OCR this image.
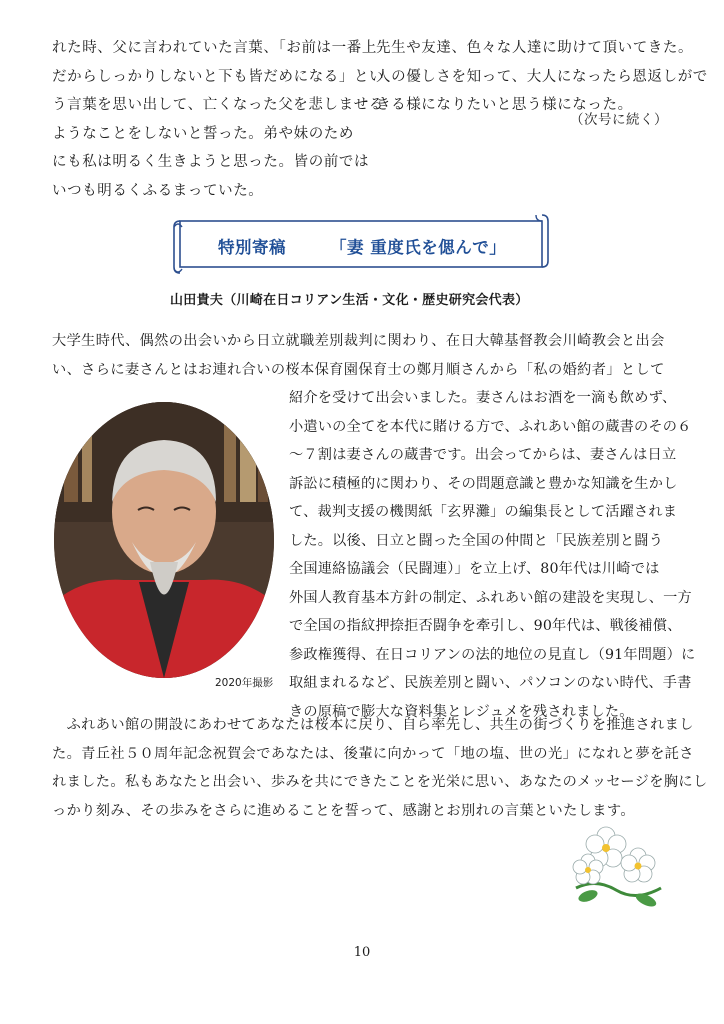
れた時、父に言われていた言葉、「お前は一番上

だからしっかりしないと下も皆だめになる」とい

う言葉を思い出して、亡くなった父を悲しませる

ようなことをしないと誓った。弟や妹のため

にも私は明るく生きようと思った。皆の前では

いつも明るくふるまっていた。

先生や友達、色々な人達に助けて頂いてきた。

人の優しさを知って、大人になったら恩返しがで

きる様になりたいと思う様になった。

（次号に続く）
特別寄稿	「妻 重度氏を偲んで」
山田貴夫（川崎在日コリアン生活・文化・歴史研究会代表）

大学生時代、偶然の出会いから日立就職差別裁判に関わり、在日大韓基督教会川崎教会と出会

い、さらに妻さんとはお連れ合いの桜本保育園保育士の鄭月順さんから「私の婚約者」として

紹介を受けて出会いました。妻さんはお酒を一滴も飲めず、

小遣いの全てを本代に賭ける方で、ふれあい館の蔵書のその６

～７割は妻さんの蔵書です。出会ってからは、妻さんは日立

訴訟に積極的に関わり、その問題意識と豊かな知識を生かし

て、裁判支援の機関紙「玄界灘」の編集長として活躍されま

した。以後、日立と闘った全国の仲間と「民族差別と闘う

全国連絡協議会（民闘連）」を立上げ、80年代は川崎では

外国人教育基本方針の制定、ふれあい館の建設を実現し、一方

で全国の指紋押捺拒否闘争を牽引し、90年代は、戦後補償、

参政権獲得、在日コリアンの法的地位の見直し（91年問題）に

取組まれるなど、民族差別と闘い、パソコンのない時代、手書

きの原稿で膨大な資料集とレジュメを残されました。

2020年撮影

　ふれあい館の開設にあわせてあなたは桜本に戻り、自ら率先し、共生の街づくりを推進されまし

た。青丘社５０周年記念祝賀会であなたは、後輩に向かって「地の塩、世の光」になれと夢を託さ

れました。私もあなたと出会い、歩みを共にできたことを光栄に思い、あなたのメッセージを胸にし

っかり刻み、その歩みをさらに進めることを誓って、感謝とお別れの言葉といたします。

10
